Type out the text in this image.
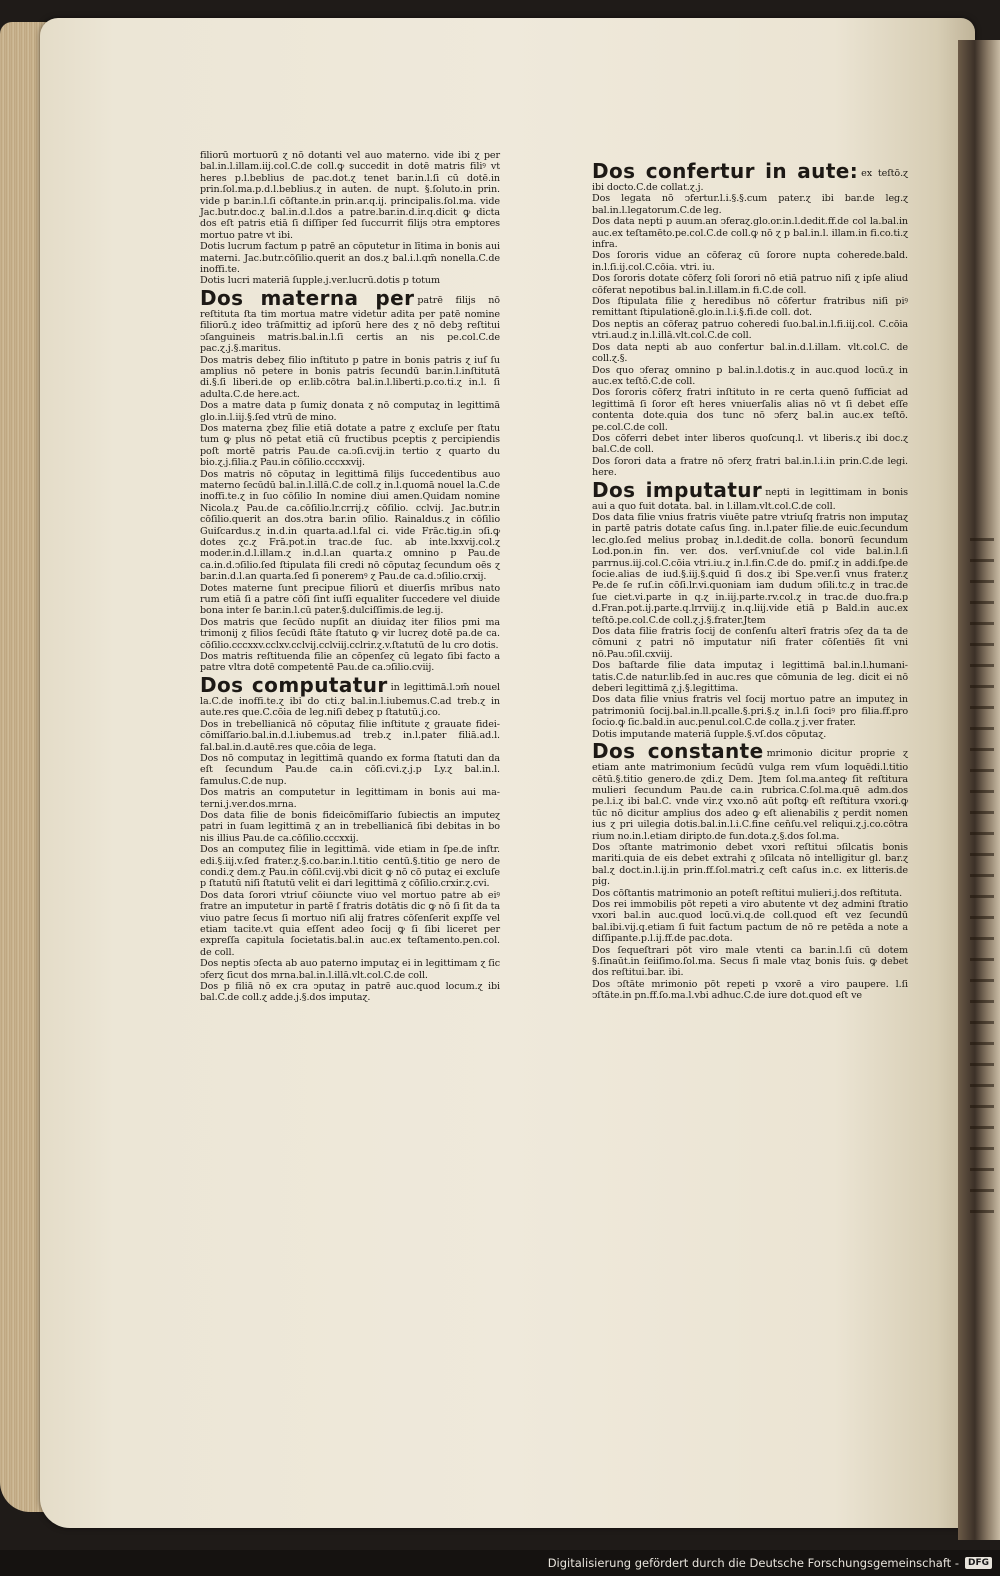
filiorū mortuorū ɀ nō dotanti vel auo materno. vide ibi ɀ per bal.in.l.illam.iij.col.C.de coll.ꝙ succedit in dotē matris filiꝰ vt heres p.l.beblius de pac.dot.ɀ tenet bar.in.l.ſi cū dotē.in prin.ſol.ma.p.d.l.beblius.ɀ in auten. de nupt. §.ſoluto.in prin. vide p bar.in.l.ſi cōſtante.in prin.ar.q.ij. principalis.ſol.ma. vide Jac.butr.doc.ɀ bal.in.d.l.dos a patre.bar.in.d.ir.q.dicit ꝙ dicta dos eſt patris etiā ſi diſſiper ſed ſuccurrit filijs ↄtra emptores mortuo patre vt ibi.

Dotis lucrum factum p patrē an cōputetur in lītima in bonis aui materni. Jac.butr.cōſilio.querit an dos.ɀ bal.i.l.qm̄ nonella.C.de inoffi.te.

Dotis lucri materiā ſupple.j.ver.lucrū.dotis p totum

Dos materna per patrē filijs nō reſtituta ſta tim mortua matre videtur adita per patē nomine filiorū.ɀ ideo trāſmittiɀ ad ipſorū here des ɀ nō debꝫ reſtitui ↄſanguineis matris.bal.in.l.ſi certis an nis pe.col.C.de pac.ɀ.j.§.maritus.

Dos matris debeɀ filio inſtituto p patre in bonis patris ɀ iuſ ſu amplius nō petere in bonis patris ſecundū bar.in.l.inſtitutā di.§.ſi liberi.de op er.lib.cōtra bal.in.l.liberti.p.co.ti.ɀ in.l. ſi adulta.C.de here.act.

Dos a matre data p ſumiɀ donata ɀ nō computaɀ in legittimā glo.in.l.iij.§.ſed vtrū de mino.

Dos materna ɀbeɀ filie etiā dotate a patre ɀ excluſe per ſtatu tum ꝙ plus nō petat etiā cū fructibus pceptis ɀ percipiendis poſt mortē patris Pau.de ca.ↄſi.cvij.in tertio ɀ quarto du bio.ɀ.j.filia.ɀ Pau.in cōſilio.cccxxvij.

Dos matris nō cōputaɀ in legittimā filijs ſuccedentibus auo materno ſecūdū bal.in.l.illā.C.de coll.ɀ in.l.quomā nouel la.C.de inoffi.te.ɀ in ſuo cōſilio In nomine diui amen.Quidam nomine Nicola.ɀ Pau.de ca.cōſilio.lr.crrij.ɀ cōſilio. cclvij. Jac.butr.in cōſilio.querit an dos.ↄtra bar.in ↄſilio. Rainaldus.ɀ in cōſilio Guiſcardus.ɀ in.d.in quarta.ad.l.fal ci. vide Frāc.tig.in ↄſi.ꝙ dotes ɀc.ɀ Frā.pot.in trac.de ſuc. ab inte.lxxvij.col.ɀ moder.in.d.l.illam.ɀ in.d.l.an quarta.ɀ omnino p Pau.de ca.in.d.ↄſilio.ſed ſtipulata fili credi nō cōputaɀ ſecundum oēs ɀ bar.in.d.l.an quarta.ſed ſi poneremꝰ ɀ Pau.de ca.d.ↄſilio.crxij.

Dotes materne ſunt precipue filiorū et diuerſis mrībus nato rum etiā ſi a patre cōſi ſint iuſſi equaliter ſuccedere vel diuide bona inter ſe bar.in.l.cū pater.§.dulciſſimis.de leg.ij.

Dos matris que ſecūdo nupſit an diuidaɀ iter filios pmi ma trimonij ɀ filios ſecūdi ſtāte ſtatuto ꝙ vir lucreɀ dotē pa.de ca. cōſilio.cccxxv.cclxv.cclvij.cclviij.cclrir.ɀ.v.ſtatutū de lu cro dotis.

Dos matris reſtituenda filie an cōpenſeɀ cū legato ſibi facto a patre vltra dotē competentē Pau.de ca.ↄſilio.cviij.

Dos computatur in legittimā.l.ↄm̄ nouel la.C.de inoffi.te.ɀ ibi do cti.ɀ bal.in.l.iubemus.C.ad treb.ɀ in aute.res que.C.cōia de leg.niſi debeɀ p ſtatutū.j.co.

Dos in trebellianicā nō cōputaɀ filie inſtitute ɀ grauate fideicōmiſſario.bal.in.d.l.iubemus.ad treb.ɀ in.l.pater filiā.ad.l. fal.bal.in.d.autē.res que.cōia de lega.

Dos nō computaɀ in legittimā quando ex forma ſtatuti dan da eſt ſecundum Pau.de ca.in cōſi.cvi.ɀ.j.p Ly.ɀ bal.in.l. famulus.C.de nup.

Dos matris an computetur in legittimam in bonis aui materni.j.ver.dos.mrna.

Dos data filie de bonis fideicōmiſſario ſubiectis an imputeɀ patri in ſuam legittimā ɀ an in trebellianicā ſibi debitas in bo nis illius Pau.de ca.cōſilio.cccxxij.

Dos an computeɀ filie in legittimā. vide etiam in ſpe.de inſtr. edi.§.iij.v.ſed frater.ɀ.§.co.bar.in.l.titio centū.§.titio ge nero de condi.ɀ dem.ɀ Pau.in cōſil.cvij.vbi dicit ꝙ nō cō putaɀ ei excluſe p ſtatutū niſi ſtatutū velit ei dari legittimā ɀ cōſilio.crxir.ɀ.cvi.

Dos data ſorori vtriuſ cōiuncte viuo vel mortuo patre ab eiꝰ fratre an imputetur in partē ſ fratris dotātis dic ꝙ nō ſi ſit da ta viuo patre ſecus ſi mortuo niſi alij fratres cōſenſerit expſſe vel etiam tacite.vt quia eſſent adeo ſocij ꝙ ſi ſibi liceret per expreſſa capitula ſocietatis.bal.in auc.ex teſtamento.pen.col. de coll.

Dos neptis ↄſecta ab auo paterno imputaɀ ei in legittimam ɀ ſic ↄferɀ ſicut dos mrna.bal.in.l.illā.vlt.col.C.de coll.

Dos p filiā nō ex cra ↄputaɀ in patrē auc.quod locum.ɀ ibi bal.C.de coll.ɀ adde.j.§.dos imputaɀ.

Dos confertur in aute: ex teſtō.ɀ ibi docto.C.de collat.ɀ.j.

Dos legata nō ↄfertur.l.i.§.§.cum pater.ɀ ibi bar.de leg.ɀ bal.in.l.legatorum.C.de leg.

Dos data nepti p auum.an ↄferaɀ.glo.or.in.l.dedit.ff.de col la.bal.in auc.ex teſtamēto.pe.col.C.de coll.ꝙ nō ɀ p bal.in.l. illam.in fi.co.ti.ɀ infra.

Dos ſororis vidue an cōferaɀ cū ſorore nupta coherede.bald. in.l.ſi.ij.col.C.cōia. vtri. iu.

Dos ſororis dotate cōferɀ ſoli ſorori nō etiā patruo niſi ɀ ipſe aliud cōferat nepotibus bal.in.l.illam.in fi.C.de coll.

Dos ſtipulata filie ɀ heredibus nō cōfertur fratribus niſi piꝰ remittant ſtipulationē.glo.in.l.i.§.fi.de coll. dot.

Dos neptis an cōferaɀ patruo coheredi ſuo.bal.in.l.fi.iij.col. C.cōia vtri.aud.ɀ in.l.illā.vlt.col.C.de coll.

Dos data nepti ab auo confertur bal.in.d.l.illam. vlt.col.C. de coll.ɀ.§.

Dos quo ↄferaɀ omnino p bal.in.l.dotis.ɀ in auc.quod locū.ɀ in auc.ex teſtō.C.de coll.

Dos ſororis cōferɀ fratri inſtituto in re certa quenō ſufficiat ad legittimā ſi ſoror eſt heres vniuerſalis alias nō vt ſi debet eſſe contenta dote.quia dos tunc nō ↄferɀ bal.in auc.ex teſtō. pe.col.C.de coll.

Dos cōferri debet inter liberos quoſcunq.l. vt liberis.ɀ ibi doc.ɀ bal.C.de coll.

Dos ſorori data a fratre nō ↄferɀ fratri bal.in.l.i.in prin.C.de legi. here.

Dos imputatur nepti in legittimam in bonis aui a quo fuit dotata. bal. in l.illam.vlt.col.C.de coll.

Dos data filie vnius fratris viuēte patre vtriuſq fratris non imputaɀ in partē patris dotate caſus ſing. in.l.pater filie.de euic.ſecundum lec.glo.ſed melius probaɀ in.l.dedit.de colla. bonorū ſecundum Lod.pon.in fin. ver. dos. verſ.vniuſ.de col vide bal.in.l.ſi parrnus.iij.col.C.cōia vtri.iu.ɀ in.l.fin.C.de do. pmiſ.ɀ in addi.ſpe.de ſocie.alias de iud.§.iij.§.quid ſi dos.ɀ ibi Spe.ver.ſi vnus frater.ɀ Pe.de ſe ruſ.in cōſi.lr.vi.quoniam iam dudum ↄſili.tc.ɀ in trac.de ſue ciet.vi.parte in q.ɀ in.iij.parte.rv.col.ɀ in trac.de duo.fra.p d.Fran.pot.ij.parte.q.lrrviij.ɀ in.q.liij.vide etiā p Bald.in auc.ex teſtō.pe.col.C.de coll.ɀ.j.§.frater.Jtem

Dos data filie fratris ſocij de conſenſu alterī fratris ↄſeɀ da ta de cōmuni ɀ patri nō imputatur niſi frater cōſentiēs ſit vni nō.Pau.ↄſil.cxviij.

Dos baſtarde filie data imputaɀ i legittimā bal.in.l.humanitatis.C.de natur.lib.ſed in auc.res que cōmunia de leg. dicit ei nō deberi legittimā ɀ.j.§.legittima.

Dos data filie vnius fratris vel ſocij mortuo patre an imputeɀ in patrimoniū ſocij.bal.in.ll.pcalle.§.pri.§.ɀ in.l.ſi ſociꝰ pro filia.ff.pro ſocio.ꝙ ſic.bald.in auc.penul.col.C.de colla.ɀ j.ver frater.

Dotis imputande materiā ſupple.§.vſ.dos cōputaɀ.

Dos constante mrimonio dicitur proprie ɀ etiam ante matrimonium ſecūdū vulga rem vſum loquēdi.l.titio cētū.§.titio genero.de ɀdi.ɀ Dem. Jtem ſol.ma.anteꝙ ſit reſtitura mulieri ſecundum Pau.de ca.in rubrica.C.ſol.ma.quē adm.dos pe.l.i.ɀ ibi bal.C. vnde vir.ɀ vxo.nō aūt poſtꝙ eſt reſtitura vxori.ꝙ tūc nō dicitur amplius dos adeo ꝙ eſt alienabilis ɀ perdit nomen ius ɀ pri uilegia dotis.bal.in.l.i.C.fine cen̄ſu.vel reliqui.ɀ.j.co.cōtra rium no.in.l.etiam diripto.de fun.dota.ɀ.§.dos ſol.ma.

Dos ↄſtante matrimonio debet vxori reſtitui ↄſilcatis bonis mariti.quia de eis debet extrahi ɀ ↄſilcata nō intelligitur gl. bar.ɀ bal.ɀ doct.in.l.ij.in prin.ff.ſol.matri.ɀ ceſt caſus in.c. ex litteris.de pig.

Dos cōſtantis matrimonio an poteſt reſtitui mulieri.j.dos reſtituta.

Dos rei immobilis pōt repeti a viro abutente vt deɀ admini ſtratio vxori bal.in auc.quod locū.vi.q.de coll.quod eſt vez ſecundū bal.ibi.vij.q.etiam ſi fuit factum pactum de nō re petēda a note a diſſipante.p.l.ij.ff.de pac.dota.

Dos ſequeſtrari pōt viro male vtenti ca bar.in.l.ſi cū dotem §.ſinaūt.in ſeiiſimo.ſol.ma. Secus ſi male vtaɀ bonis ſuis. ꝙ debet dos reſtitui.bar. ibi.

Dos ↄſtāte mrimonio pōt repeti p vxorē a viro paupere. l.ſi ↄſtāte.in pn.ff.ſo.ma.l.vbi adhuc.C.de iure dot.quod eſt ve

Digitalisierung gefördert durch die Deutsche Forschungsgemeinschaft -	DFG
